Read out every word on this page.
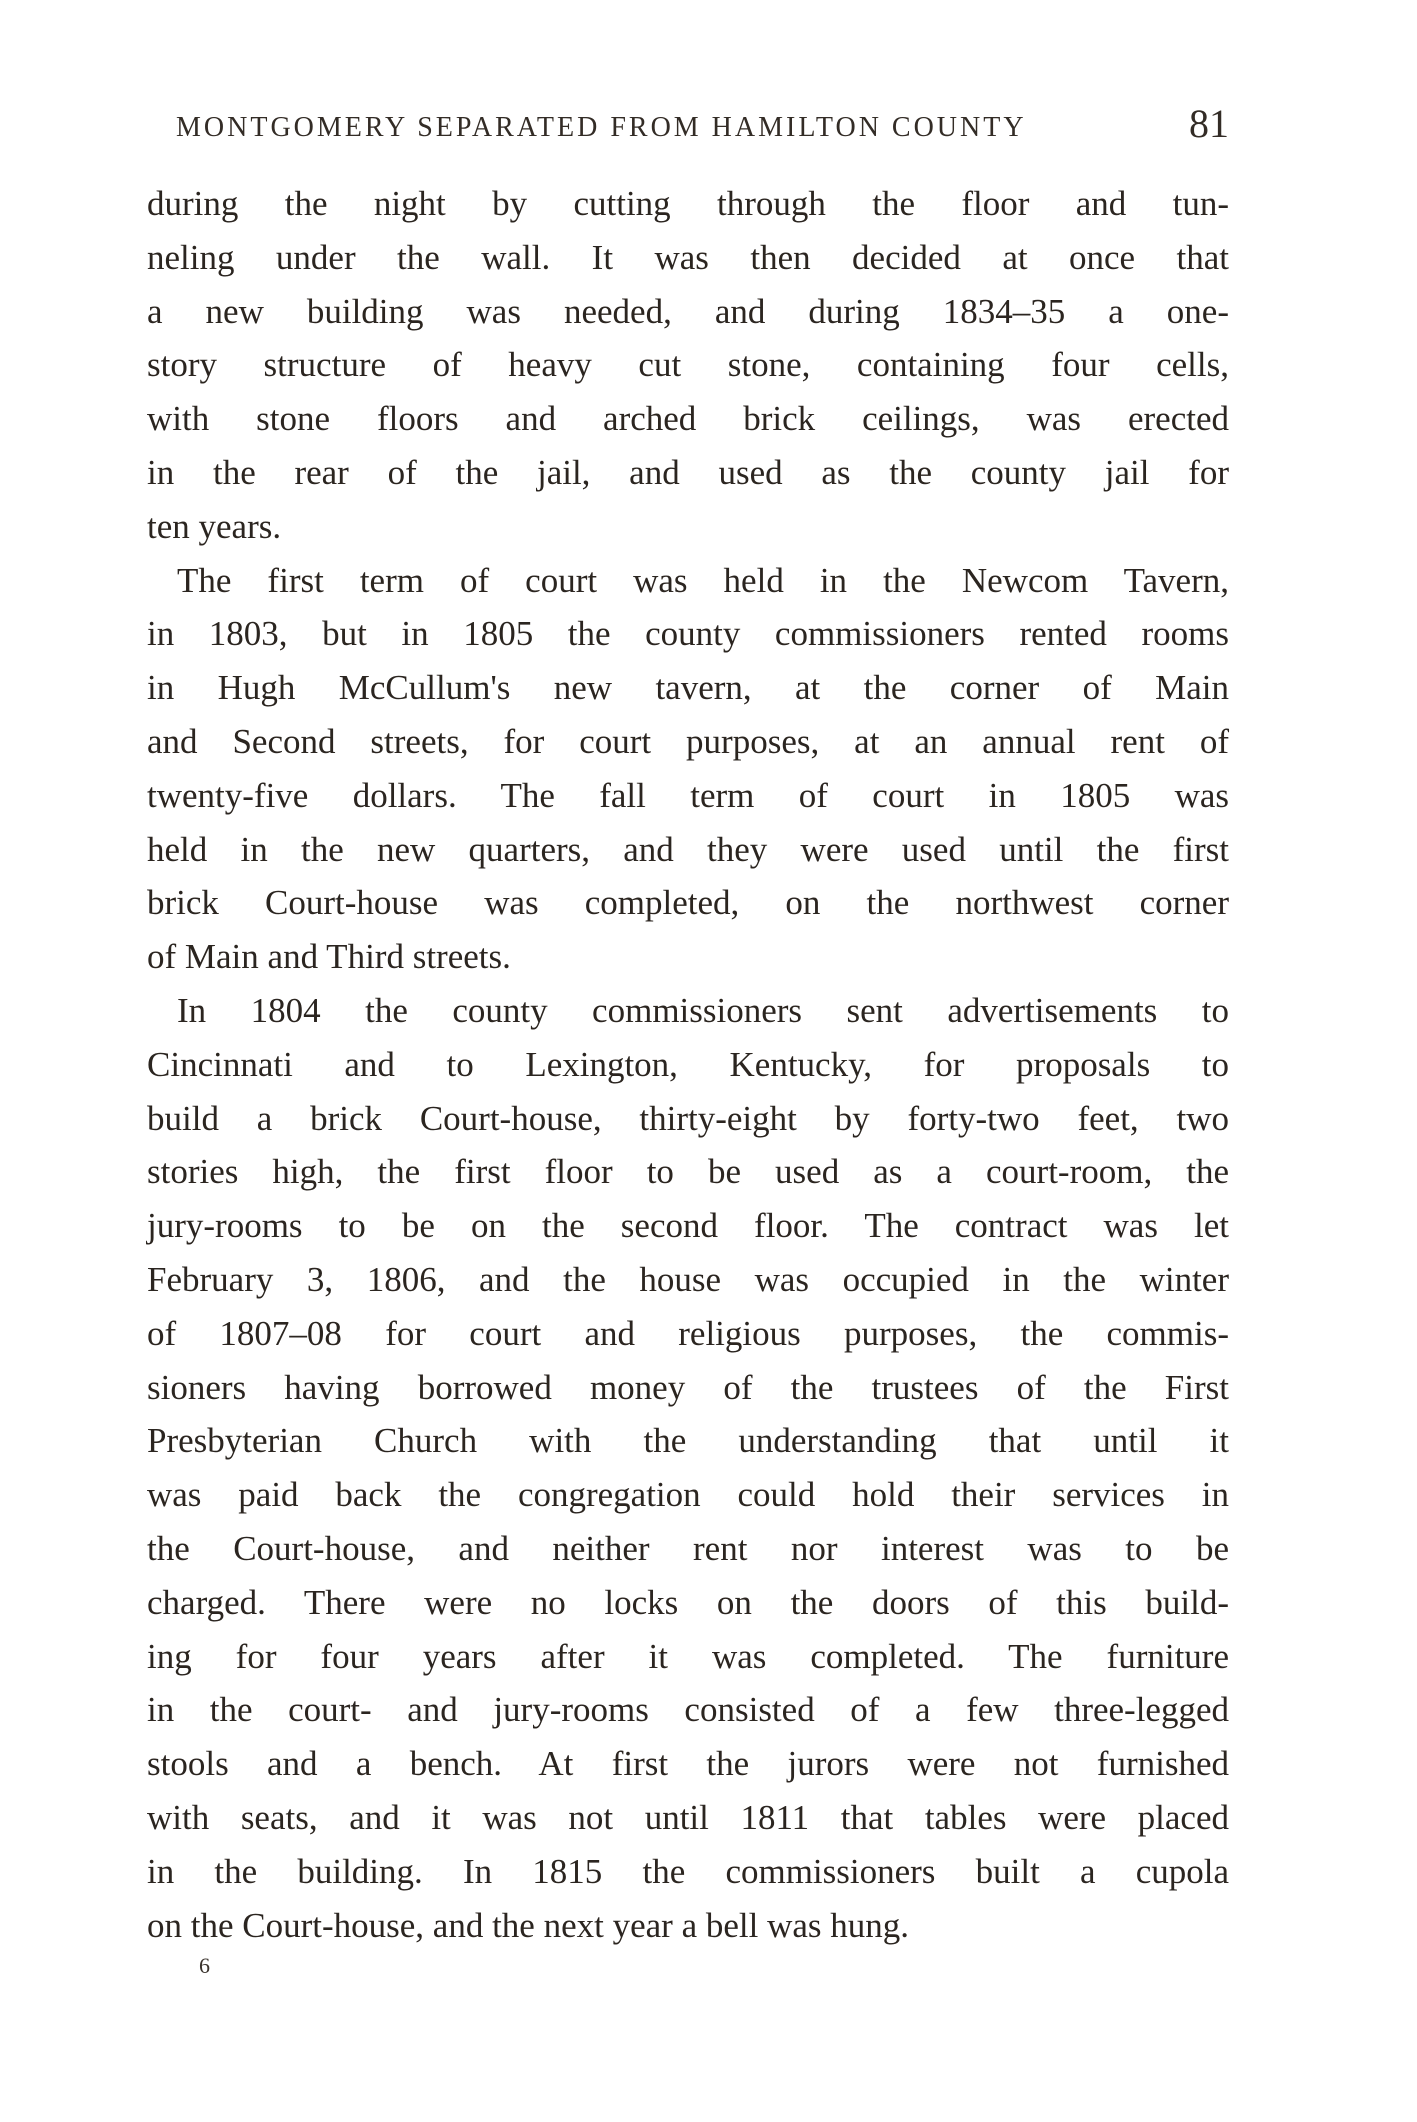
MONTGOMERY SEPARATED FROM HAMILTON COUNTY	81
during the night by cutting through the floor and tun-
neling under the wall. It was then decided at once that
a new building was needed, and during 1834–35 a one-
story structure of heavy cut stone, containing four cells,
with stone floors and arched brick ceilings, was erected
in the rear of the jail, and used as the county jail for
ten years.
The first term of court was held in the Newcom Tavern,
in 1803, but in 1805 the county commissioners rented rooms
in Hugh McCullum's new tavern, at the corner of Main
and Second streets, for court purposes, at an annual rent of
twenty-five dollars. The fall term of court in 1805 was
held in the new quarters, and they were used until the first
brick Court-house was completed, on the northwest corner
of Main and Third streets.
In 1804 the county commissioners sent advertisements to
Cincinnati and to Lexington, Kentucky, for proposals to
build a brick Court-house, thirty-eight by forty-two feet, two
stories high, the first floor to be used as a court-room, the
jury-rooms to be on the second floor. The contract was let
February 3, 1806, and the house was occupied in the winter
of 1807–08 for court and religious purposes, the commis-
sioners having borrowed money of the trustees of the First
Presbyterian Church with the understanding that until it
was paid back the congregation could hold their services in
the Court-house, and neither rent nor interest was to be
charged. There were no locks on the doors of this build-
ing for four years after it was completed. The furniture
in the court- and jury-rooms consisted of a few three-legged
stools and a bench. At first the jurors were not furnished
with seats, and it was not until 1811 that tables were placed
in the building. In 1815 the commissioners built a cupola
on the Court-house, and the next year a bell was hung.
6
